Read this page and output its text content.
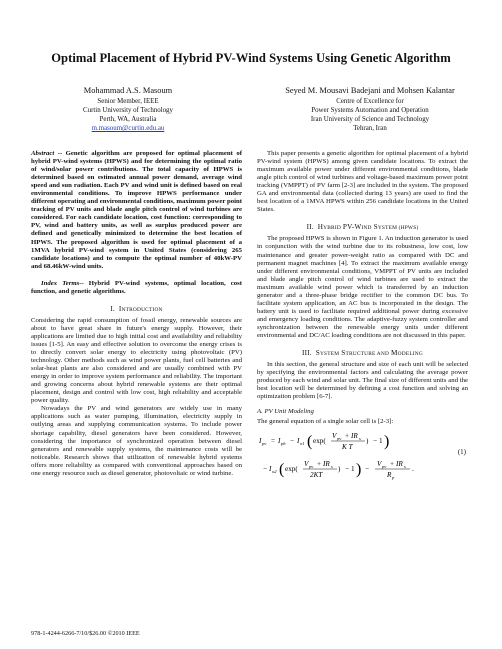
Optimal Placement of Hybrid PV-Wind Systems Using Genetic Algorithm
Mohammad A.S. Masoum
Senior Member, IEEE
Curtin University of Technology
Perth, WA, Australia
m.masoum@curtin.edu.au
Seyed M. Mousavi Badejani and Mohsen Kalantar
Centre of Excellence for
Power Systems Automation and Operation
Iran University of Science and Technology
Tehran, Iran
Abstract -- Genetic algorithm are proposed for optimal placement of hybrid PV-wind systems (HPWS) and for determining the optimal ratio of wind/solar power contributions. The total capacity of HPWS is determined based on estimated annual power demand, average wind speed and sun radiation. Each PV and wind unit is defined based on real environmental conditions. To improve HPWS performance under different operating and environmental conditions, maximum power point tracking of PV units and blade angle pitch control of wind turbines are considered. For each candidate location, cost function: corresponding to PV, wind and battery units, as well as surplus produced power are defined and genetically minimized to determine the best location of HPWS. The proposed algorithm is used for optimal placement of a 1MVA hybrid PV-wind system in United States (considering 265 candidate locations) and to compute the optimal number of 40kW-PV and 68.46kW-wind units.
Index Terms-- Hybrid PV-wind systems, optimal location, cost function, and genetic algorithms.
I. INTRODUCTION

Considering the rapid consumption of fossil energy, renewable sources are about to have great share in future's energy supply. However, their applications are limited due to high initial cost and availability and reliability issues [1-5]. An easy and effective solution to overcome the energy crises is to directly convert solar energy to electricity using photovoltaic (PV) technology. Other methods such as wind power plants, fuel cell batteries and solar-heat plants are also considered and are usually combined with PV energy in order to improve system performance and reliability. The important and growing concerns about hybrid renewable systems are their optimal placement, design and control with low cost, high reliability and acceptable power quality.

Nowadays the PV and wind generators are widely use in many applications such as water pumping, illumination, electricity supply in outlying areas and supplying communication systems. To include power shortage capability, diesel generators have been considered. However, considering the importance of synchronized operation between diesel generators and renewable supply systems, the maintenance costs will be noticeable. Research shows that utilization of renewable hybrid systems offers more reliability as compared with conventional approaches based on one energy resource such as diesel generator, photovoltaic or wind turbine.

This paper presents a genetic algorithm for optimal placement of a hybrid PV-wind system (HPWS) among given candidate locations. To extract the maximum available power under different environmental conditions, blade angle pitch control of wind turbines and voltage-based maximum power point tracking (VMPPT) of PV farm [2-3] are included in the system. The proposed GA and environmental data (collected during 13 years) are used to find the best location of a 1MVA HPWS within 256 candidate locations in the United States.

II. HYBRID PV-WIND SYSTEM (HPWS)

The proposed HPWS is shown in Figure 1. An induction generator is used in conjunction with the wind turbine due to its robustness, low cost, low maintenance and greater power-weight ratio as compared with DC and permanent magnet machines [4]. To extract the maximum available energy under different environmental conditions, VMPPT of PV units are included and blade angle pitch control of wind turbines are used to extract the maximum available wind power which is transferred by an induction generator and a three-phase bridge rectifier to the common DC bus. To facilitate system application, an AC bus is incorporated in the design. The battery unit is used to facilitate required additional power during excessive and emergency loading conditions. The adaptive-fuzzy system controller and synchronization between the renewable energy units under different environmental and DC/AC loading conditions are not discussed in this paper.

III. SYSTEM STRUCTURE AND MODELING

In this section, the general structure and size of each unit will be selected by specifying the environmental factors and calculating the average power produced by each wind and solar unit. The final size of different units and the best location will be determined by defining a cost function and solving an optimization problem [6-7].

A. PV Unit Modeling

The general equation of a single solar cell is [2-3]:

I pv = I ph − I o1 ( exp(
V pv + IR s
K T
) − 1 )
− I o2 ( exp(
V pv + IR s
2KT
) − 1 ) −
V pv + IR s
R p
.
(1)
978-1-4244-6266-7/10/$26.00 ©2010 IEEE
